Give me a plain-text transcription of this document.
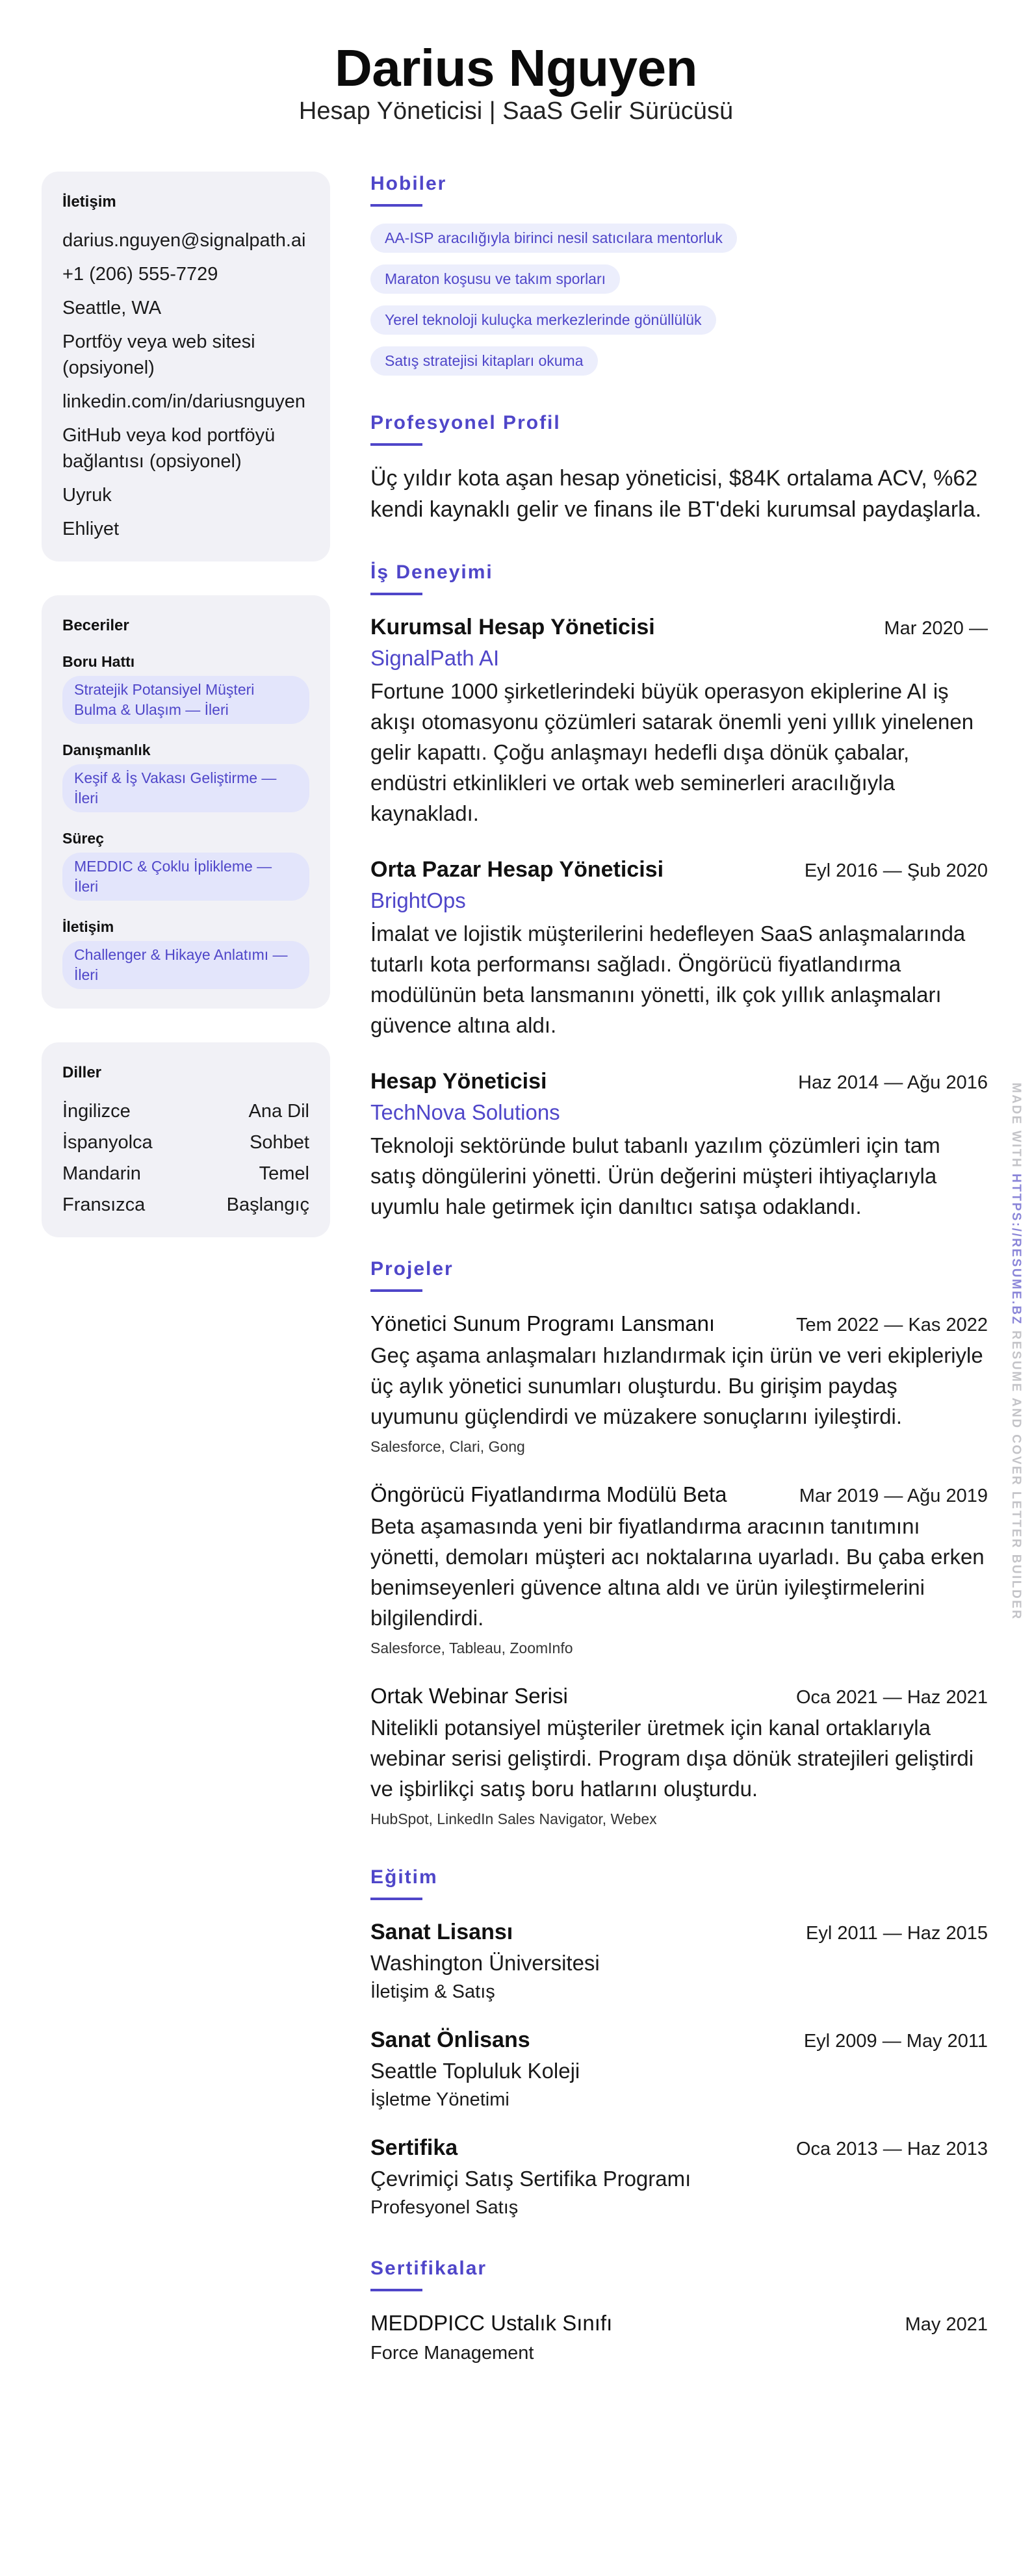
Darius Nguyen
Hesap Yöneticisi | SaaS Gelir Sürücüsü
İletişim
darius.nguyen@signalpath.ai
+1 (206) 555-7729
Seattle, WA
Portföy veya web sitesi (opsiyonel)
linkedin.com/in/dariusnguyen
GitHub veya kod portföyü bağlantısı (opsiyonel)
Uyruk
Ehliyet
Beceriler
Boru Hattı
Stratejik Potansiyel Müşteri Bulma & Ulaşım — İleri
Danışmanlık
Keşif & İş Vakası Geliştirme — İleri
Süreç
MEDDIC & Çoklu İplikleme — İleri
İletişim
Challenger & Hikaye Anlatımı — İleri
Diller
İngilizce	Ana Dil
İspanyolca	Sohbet
Mandarin	Temel
Fransızca	Başlangıç
Hobiler
AA-ISP aracılığıyla birinci nesil satıcılara mentorluk
Maraton koşusu ve takım sporları
Yerel teknoloji kuluçka merkezlerinde gönüllülük
Satış stratejisi kitapları okuma
Profesyonel Profil

Üç yıldır kota aşan hesap yöneticisi, $84K ortalama ACV, %62 kendi kaynaklı gelir ve finans ile BT'deki kurumsal paydaşlarla.

İş Deneyimi
Kurumsal Hesap Yöneticisi	Mar 2020 —
SignalPath AI

Fortune 1000 şirketlerindeki büyük operasyon ekiplerine AI iş akışı otomasyonu çözümleri satarak önemli yeni yıllık yinelenen gelir kapattı. Çoğu anlaşmayı hedefli dışa dönük çabalar, endüstri etkinlikleri ve ortak web seminerleri aracılığıyla kaynakladı.

Orta Pazar Hesap Yöneticisi	Eyl 2016 — Şub 2020
BrightOps

İmalat ve lojistik müşterilerini hedefleyen SaaS anlaşmalarında tutarlı kota performansı sağladı. Öngörücü fiyatlandırma modülünün beta lansmanını yönetti, ilk çok yıllık anlaşmaları güvence altına aldı.

Hesap Yöneticisi	Haz 2014 — Ağu 2016
TechNova Solutions

Teknoloji sektöründe bulut tabanlı yazılım çözümleri için tam satış döngülerini yönetti. Ürün değerini müşteri ihtiyaçlarıyla uyumlu hale getirmek için danıltıcı satışa odaklandı.

Projeler
Yönetici Sunum Programı Lansmanı	Tem 2022 — Kas 2022

Geç aşama anlaşmaları hızlandırmak için ürün ve veri ekipleriyle üç aylık yönetici sunumları oluşturdu. Bu girişim paydaş uyumunu güçlendirdi ve müzakere sonuçlarını iyileştirdi.

Salesforce, Clari, Gong
Öngörücü Fiyatlandırma Modülü Beta	Mar 2019 — Ağu 2019

Beta aşamasında yeni bir fiyatlandırma aracının tanıtımını yönetti, demoları müşteri acı noktalarına uyarladı. Bu çaba erken benimseyenleri güvence altına aldı ve ürün iyileştirmelerini bilgilendirdi.

Salesforce, Tableau, ZoomInfo
Ortak Webinar Serisi	Oca 2021 — Haz 2021

Nitelikli potansiyel müşteriler üretmek için kanal ortaklarıyla webinar serisi geliştirdi. Program dışa dönük stratejileri geliştirdi ve işbirlikçi satış boru hatlarını oluşturdu.

HubSpot, LinkedIn Sales Navigator, Webex
Eğitim
Sanat Lisansı	Eyl 2011 — Haz 2015
Washington Üniversitesi
İletişim & Satış
Sanat Önlisans	Eyl 2009 — May 2011
Seattle Topluluk Koleji
İşletme Yönetimi
Sertifika	Oca 2013 — Haz 2013
Çevrimiçi Satış Sertifika Programı
Profesyonel Satış
Sertifikalar
MEDDPICC Ustalık Sınıfı	May 2021
Force Management
MADE WITH HTTPS://RESUME.BZ RESUME AND COVER LETTER BUILDER
